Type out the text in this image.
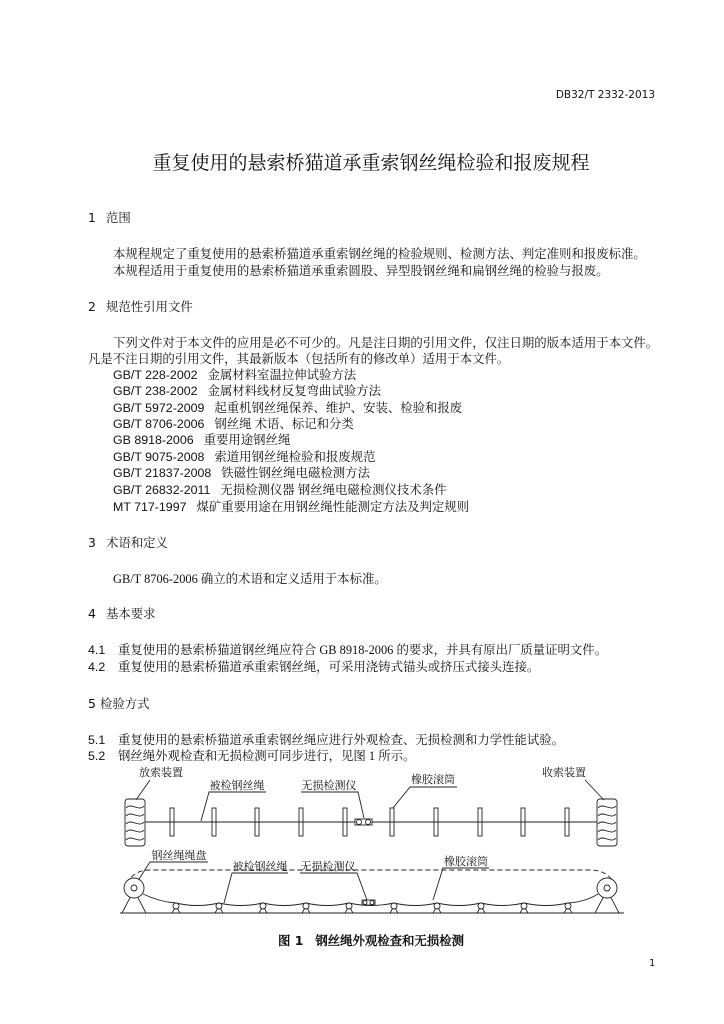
DB32/T 2332-2013
重复使用的悬索桥猫道承重索钢丝绳检验和报废规程
1 范围
本规程规定了重复使用的悬索桥猫道承重索钢丝绳的检验规则、检测方法、判定准则和报废标准。
本规程适用于重复使用的悬索桥猫道承重索圆股、异型股钢丝绳和扁钢丝绳的检验与报废。
2 规范性引用文件
下列文件对于本文件的应用是必不可少的。凡是注日期的引用文件，仅注日期的版本适用于本文件。
凡是不注日期的引用文件，其最新版本（包括所有的修改单）适用于本文件。
GB/T 228-2002 金属材料室温拉伸试验方法
GB/T 238-2002 金属材料线材反复弯曲试验方法
GB/T 5972-2009 起重机钢丝绳保养、维护、安装、检验和报废
GB/T 8706-2006 钢丝绳 术语、标记和分类
GB 8918-2006 重要用途钢丝绳
GB/T 9075-2008 索道用钢丝绳检验和报废规范
GB/T 21837-2008 铁磁性钢丝绳电磁检测方法
GB/T 26832-2011 无损检测仪器 钢丝绳电磁检测仪技术条件
MT 717-1997 煤矿重要用途在用钢丝绳性能测定方法及判定规则
3 术语和定义
GB/T 8706-2006 确立的术语和定义适用于本标准。
4 基本要求
4.1 重复使用的悬索桥猫道钢丝绳应符合 GB 8918-2006 的要求，并具有原出厂质量证明文件。
4.2 重复使用的悬索桥猫道承重索钢丝绳，可采用浇铸式锚头或挤压式接头连接。
5 检验方式
5.1 重复使用的悬索桥猫道承重索钢丝绳应进行外观检查、无损检测和力学性能试验。
5.2 钢丝绳外观检查和无损检测可同步进行，见图 1 所示。
放索装置
被检钢丝绳	无损检测仪	橡胶滚筒
收索装置
钢丝绳绳盘
被检钢丝绳 无损检测仪	橡胶滚筒
图 1 钢丝绳外观检查和无损检测
1
